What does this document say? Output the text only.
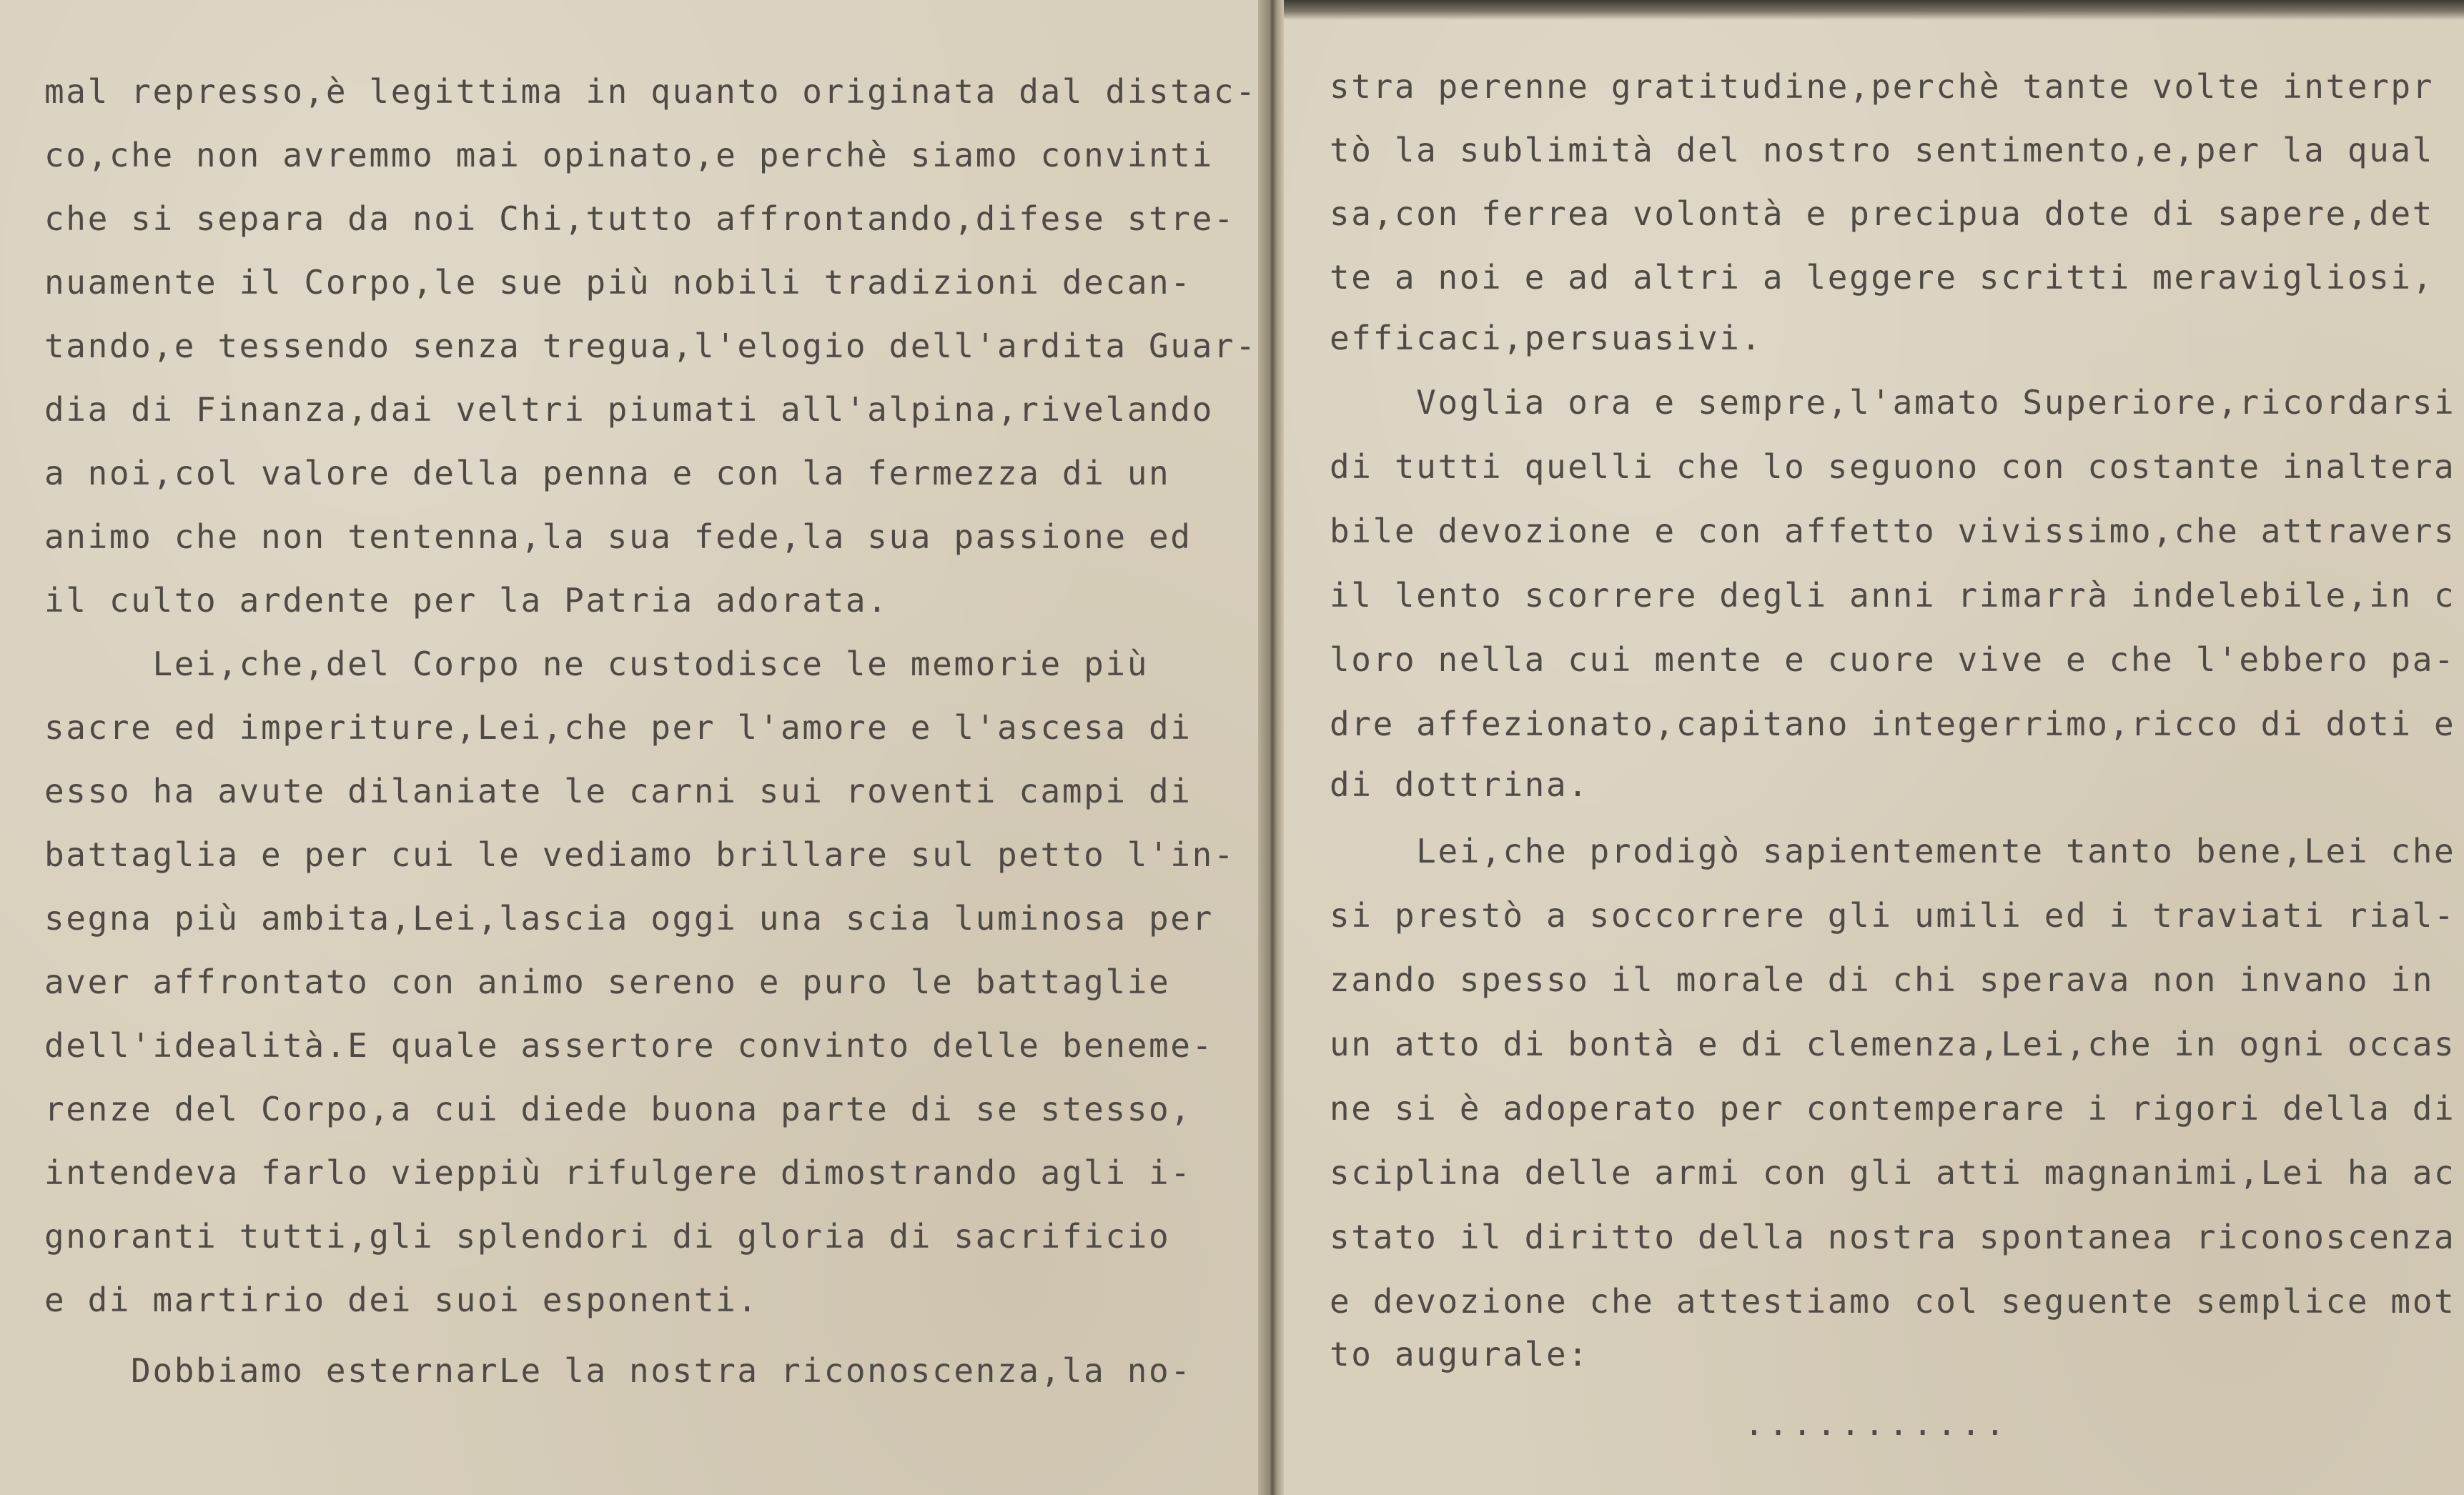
mal represso,è legittima in quanto originata dal distac-
co,che non avremmo mai opinato,e perchè siamo convinti
che si separa da noi Chi,tutto affrontando,difese stre-
nuamente il Corpo,le sue più nobili tradizioni decan-
tando,e tessendo senza tregua,l'elogio dell'ardita Guar-
dia di Finanza,dai veltri piumati all'alpina,rivelando
a noi,col valore della penna e con la fermezza di un
animo che non tentenna,la sua fede,la sua passione ed
il culto ardente per la Patria adorata.
Lei,che,del Corpo ne custodisce le memorie più
sacre ed imperiture,Lei,che per l'amore e l'ascesa di
esso ha avute dilaniate le carni sui roventi campi di
battaglia e per cui le vediamo brillare sul petto l'in-
segna più ambita,Lei,lascia oggi una scia luminosa per
aver affrontato con animo sereno e puro le battaglie
dell'idealità.E quale assertore convinto delle beneme-
renze del Corpo,a cui diede buona parte di se stesso,
intendeva farlo vieppiù rifulgere dimostrando agli i-
gnoranti tutti,gli splendori di gloria di sacrificio
e di martirio dei suoi esponenti.
Dobbiamo esternarLe la nostra riconoscenza,la no-
stra perenne gratitudine,perchè tante volte interpr
tò la sublimità del nostro sentimento,e,per la qual
sa,con ferrea volontà e precipua dote di sapere,det
te a noi e ad altri a leggere scritti meravigliosi,
efficaci,persuasivi.
Voglia ora e sempre,l'amato Superiore,ricordarsi
di tutti quelli che lo seguono con costante inaltera
bile devozione e con affetto vivissimo,che attravers
il lento scorrere degli anni rimarrà indelebile,in c
loro nella cui mente e cuore vive e che l'ebbero pa-
dre affezionato,capitano integerrimo,ricco di doti e
di dottrina.
Lei,che prodigò sapientemente tanto bene,Lei che
si prestò a soccorrere gli umili ed i traviati rial-
zando spesso il morale di chi sperava non invano in
un atto di bontà e di clemenza,Lei,che in ogni occas
ne si è adoperato per contemperare i rigori della di
sciplina delle armi con gli atti magnanimi,Lei ha ac
stato il diritto della nostra spontanea riconoscenza
e devozione che attestiamo col seguente semplice mot
to augurale:
...........
